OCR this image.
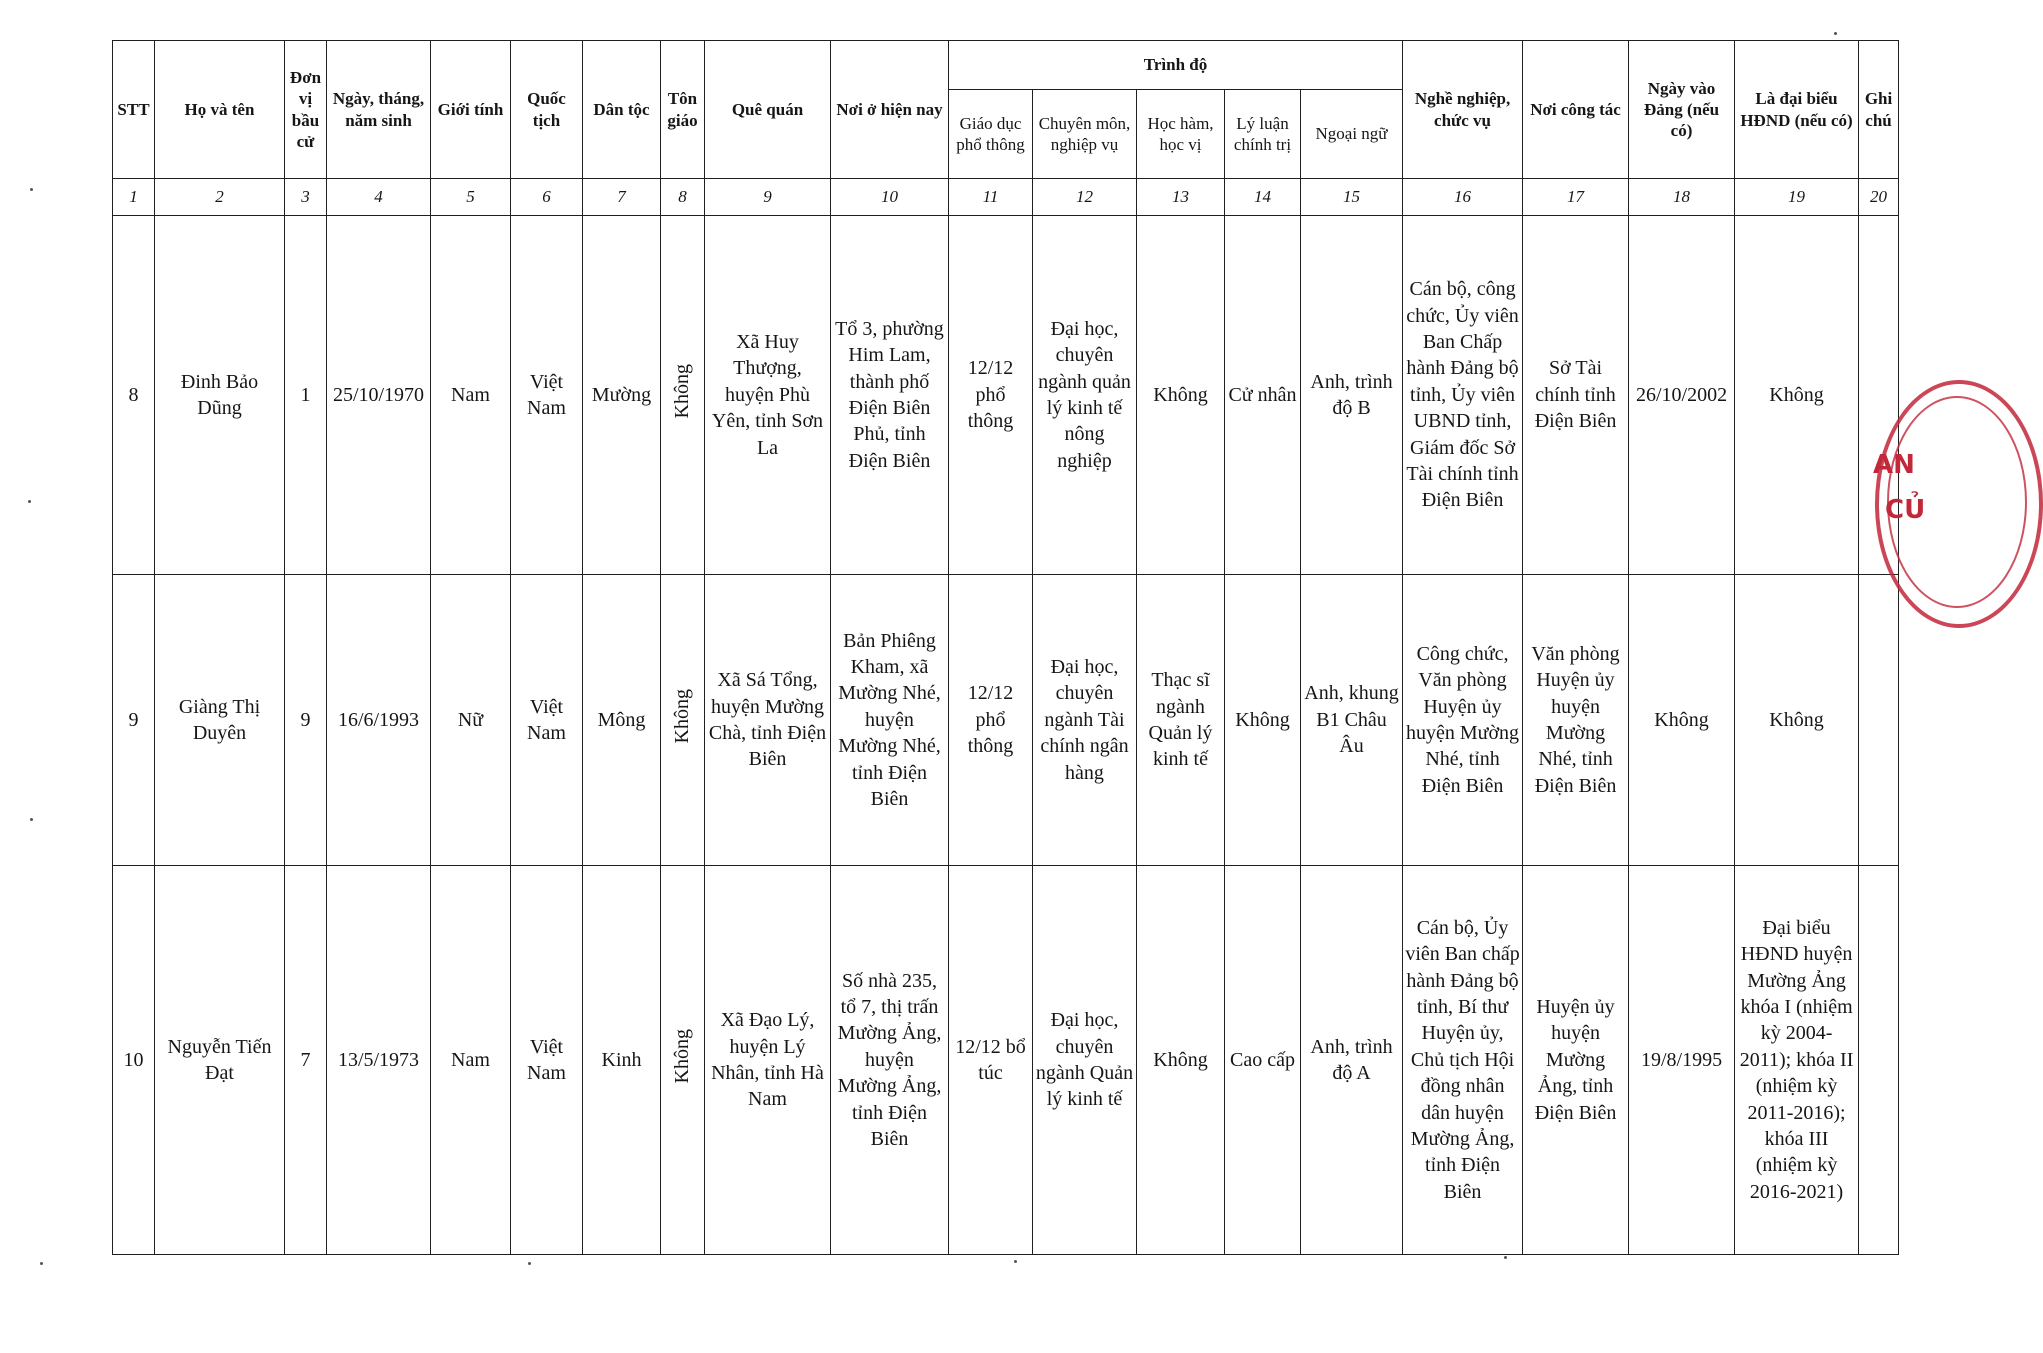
STT	Họ và tên	Đơn vị bầu cử	Ngày, tháng, năm sinh	Giới tính	Quốc tịch	Dân tộc	Tôn giáo	Quê quán	Nơi ở hiện nay	Trình độ					Nghề nghiệp, chức vụ	Nơi công tác	Ngày vào Đảng (nếu có)	Là đại biểu HĐND (nếu có)	Ghi chú
										Giáo dục phổ thông	Chuyên môn, nghiệp vụ	Học hàm, học vị	Lý luận chính trị	Ngoại ngữ					
1	2	3	4	5	6	7	8	9	10	11	12	13	14	15	16	17	18	19	20
8	Đinh Bảo Dũng	1	25/10/1970	Nam	Việt Nam	Mường	Không	Xã Huy Thượng, huyện Phù Yên, tỉnh Sơn La	Tổ 3, phường Him Lam, thành phố Điện Biên Phủ, tỉnh Điện Biên	12/12 phổ thông	Đại học, chuyên ngành quản lý kinh tế nông nghiệp	Không	Cử nhân	Anh, trình độ B	Cán bộ, công chức, Ủy viên Ban Chấp hành Đảng bộ tỉnh, Ủy viên UBND tỉnh, Giám đốc Sở Tài chính tỉnh Điện Biên	Sở Tài chính tỉnh Điện Biên	26/10/2002	Không	
9	Giàng Thị Duyên	9	16/6/1993	Nữ	Việt Nam	Mông	Không	Xã Sá Tổng, huyện Mường Chà, tỉnh Điện Biên	Bản Phiêng Kham, xã Mường Nhé, huyện Mường Nhé, tỉnh Điện Biên	12/12 phổ thông	Đại học, chuyên ngành Tài chính ngân hàng	Thạc sĩ ngành Quản lý kinh tế	Không	Anh, khung B1 Châu Âu	Công chức, Văn phòng Huyện ủy huyện Mường Nhé, tỉnh Điện Biên	Văn phòng Huyện ủy huyện Mường Nhé, tỉnh Điện Biên	Không	Không	
10	Nguyễn Tiến Đạt	7	13/5/1973	Nam	Việt Nam	Kinh	Không	Xã Đạo Lý, huyện Lý Nhân, tỉnh Hà Nam	Số nhà 235, tổ 7, thị trấn Mường Ảng, huyện Mường Ảng, tỉnh Điện Biên	12/12 bổ túc	Đại học, chuyên ngành Quản lý kinh tế	Không	Cao cấp	Anh, trình độ A	Cán bộ, Ủy viên Ban chấp hành Đảng bộ tỉnh, Bí thư Huyện ủy, Chủ tịch Hội đồng nhân dân huyện Mường Ảng, tỉnh Điện Biên	Huyện ủy huyện Mường Ảng, tỉnh Điện Biên	19/8/1995	Đại biểu HĐND huyện Mường Ảng khóa I (nhiệm kỳ 2004-2011); khóa II (nhiệm kỳ 2011-2016); khóa III (nhiệm kỳ 2016-2021)	
AN
CỦ
